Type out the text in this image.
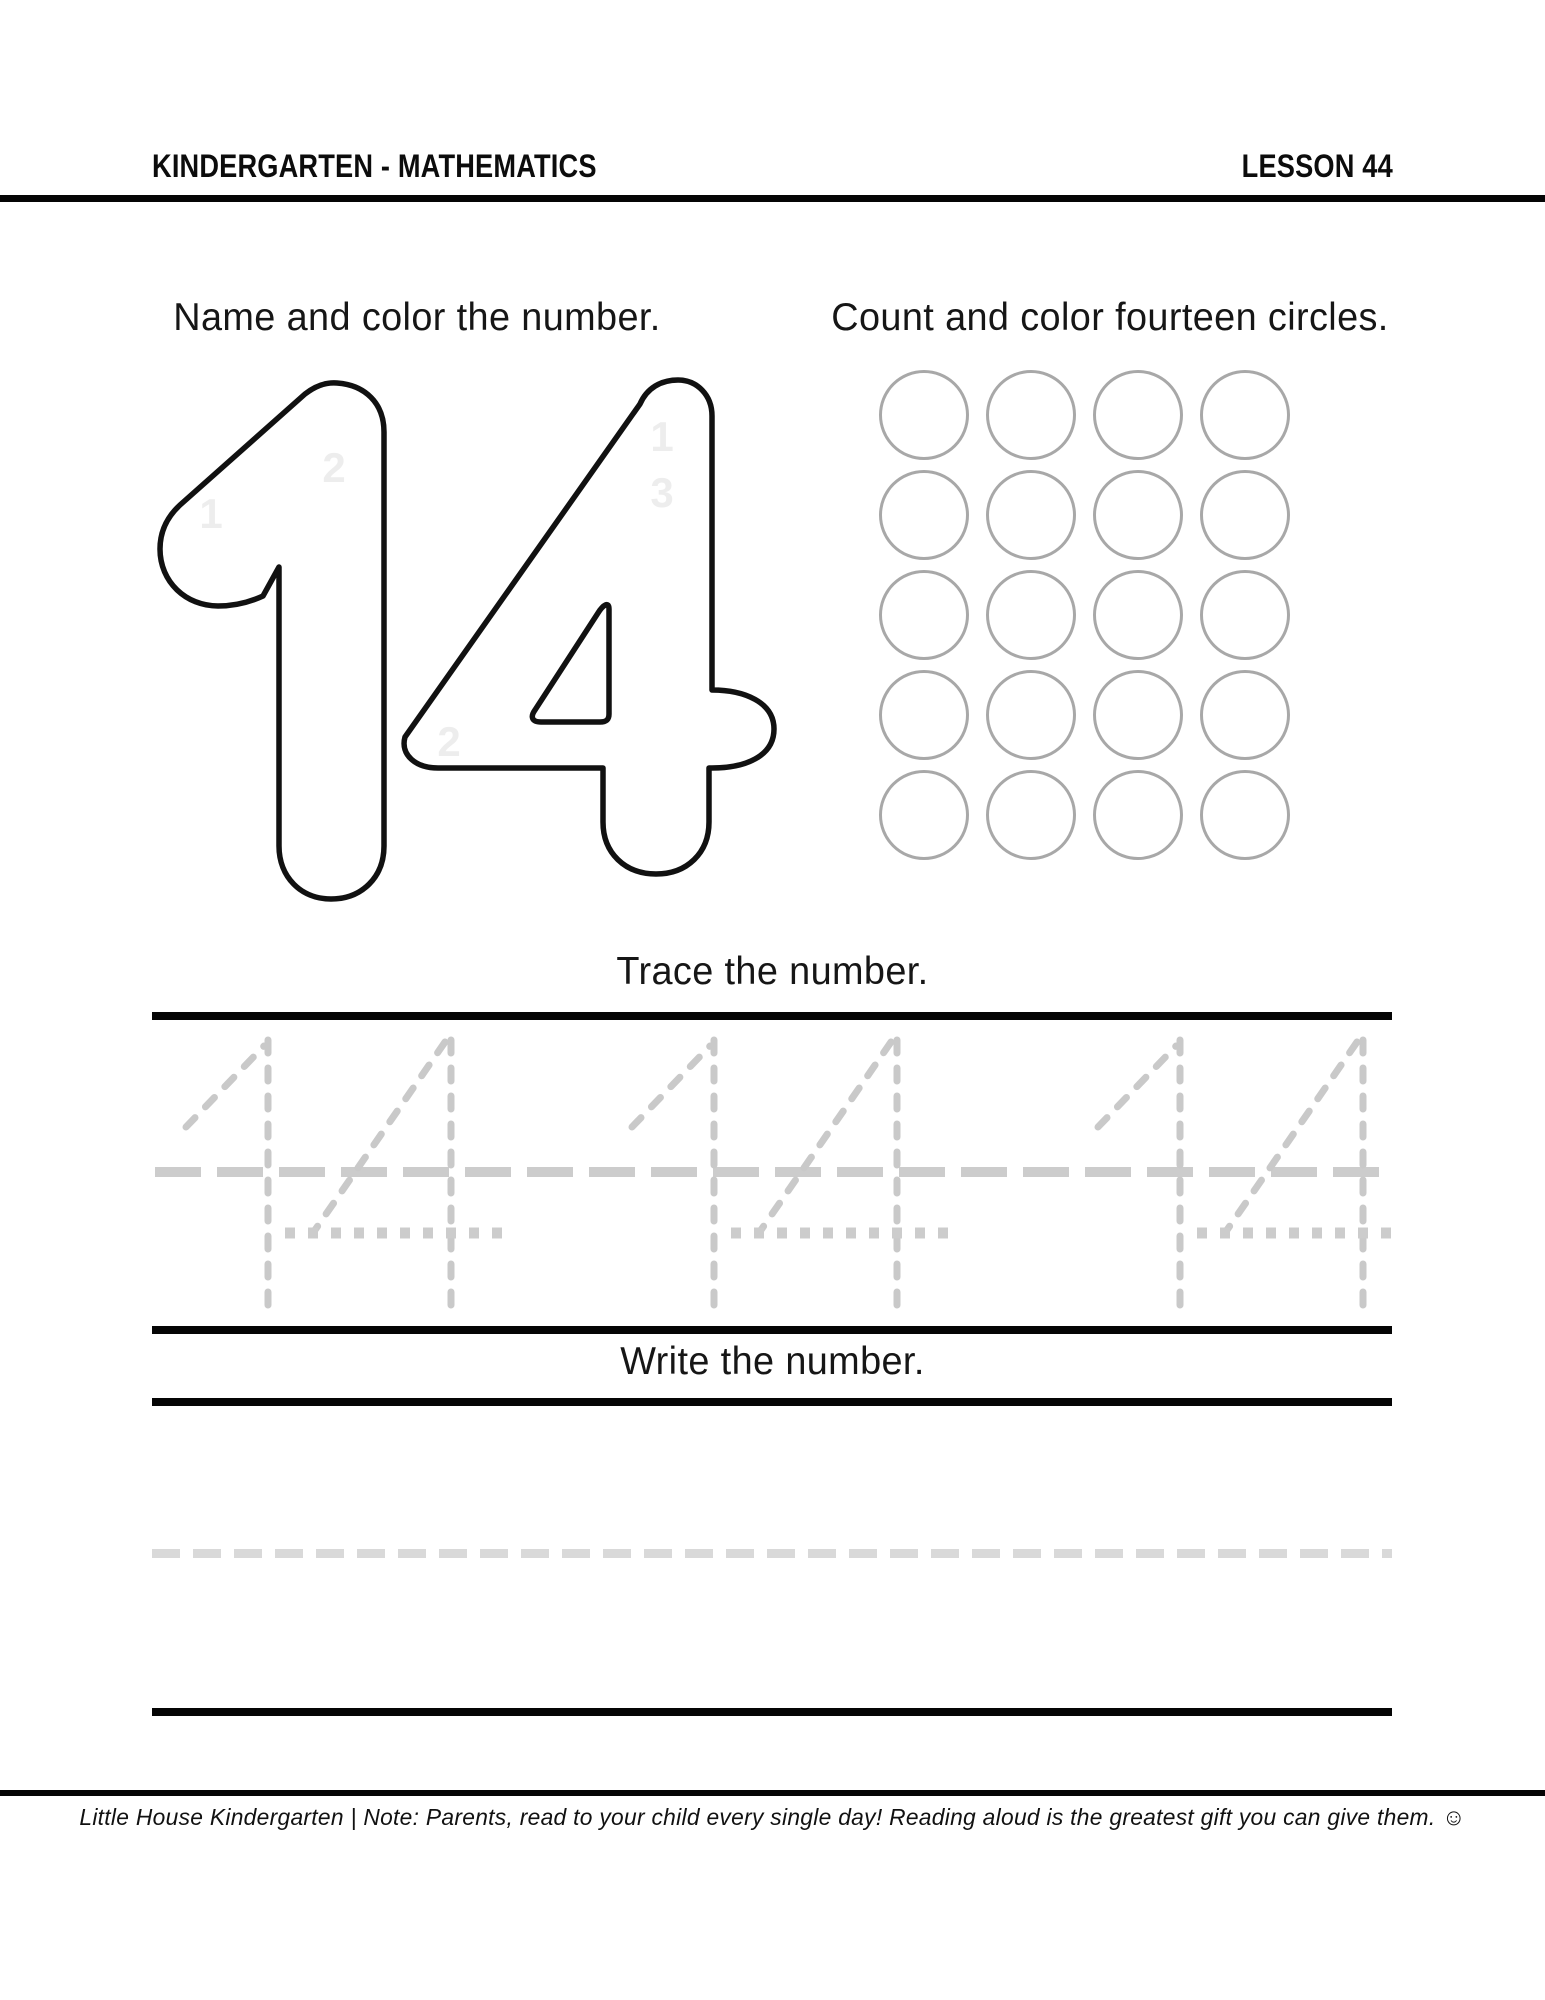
KINDERGARTEN - MATHEMATICS	LESSON 44
Name and color the number.	Count and color fourteen circles.
1
2
1
3
2
Trace the number.
Write the number.
Little House Kindergarten | Note: Parents, read to your child every single day! Reading aloud is the greatest gift you can give them. ☺
